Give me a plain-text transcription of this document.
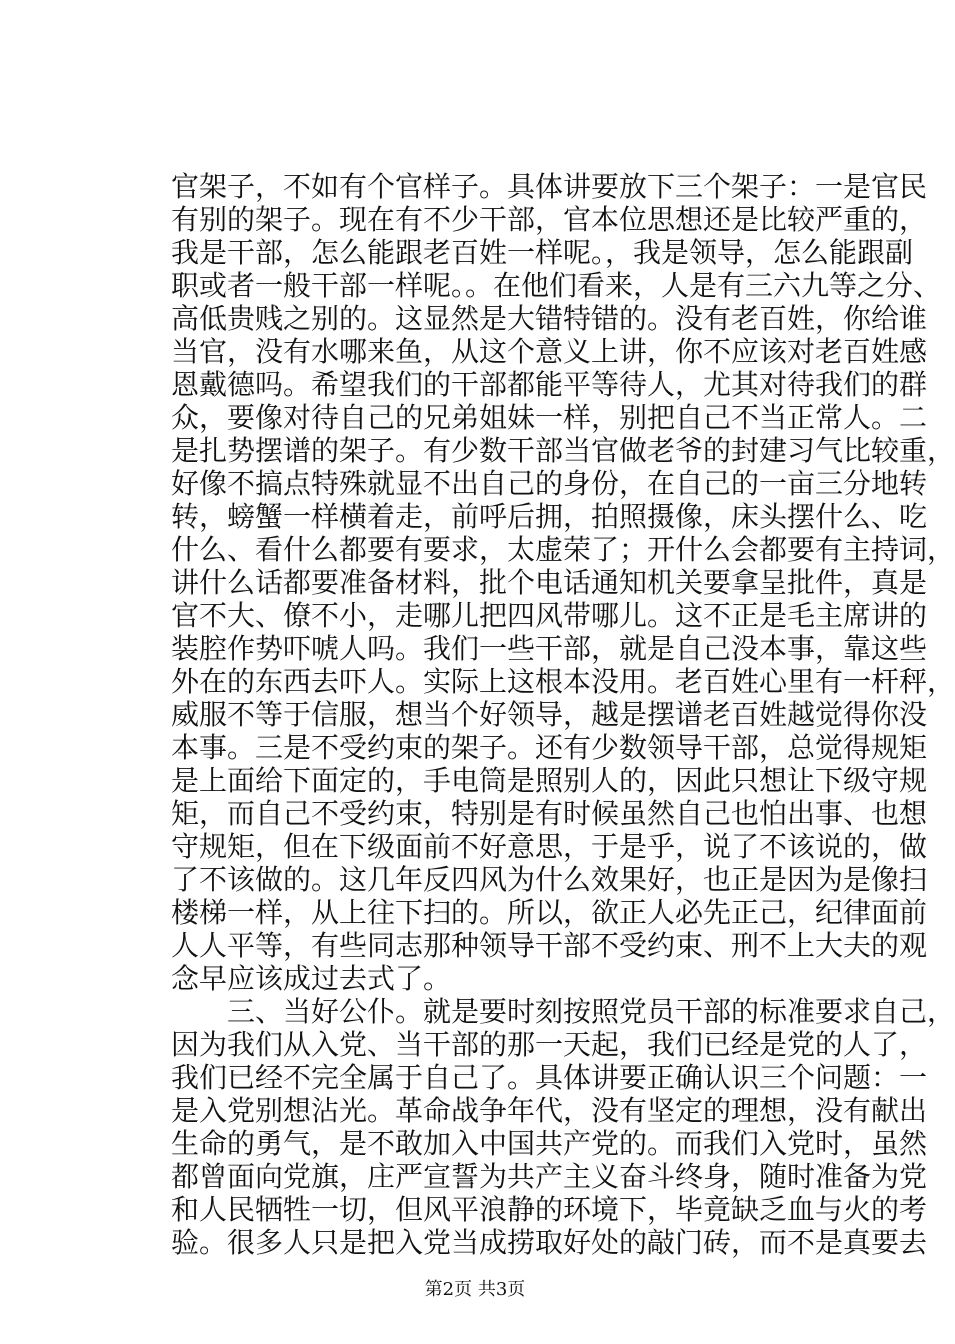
官架子，不如有个官样子。具体讲要放下三个架子：一是官民
有别的架子。现在有不少干部，官本位思想还是比较严重的，
我是干部，怎么能跟老百姓一样呢。，我是领导，怎么能跟副
职或者一般干部一样呢。。在他们看来，人是有三六九等之分、
高低贵贱之别的。这显然是大错特错的。没有老百姓，你给谁
当官，没有水哪来鱼，从这个意义上讲，你不应该对老百姓感
恩戴德吗。希望我们的干部都能平等待人，尤其对待我们的群
众，要像对待自己的兄弟姐妹一样，别把自己不当正常人。二
是扎势摆谱的架子。有少数干部当官做老爷的封建习气比较重，
好像不搞点特殊就显不出自己的身份，在自己的一亩三分地转
转，螃蟹一样横着走，前呼后拥，拍照摄像，床头摆什么、吃
什么、看什么都要有要求，太虚荣了；开什么会都要有主持词，
讲什么话都要准备材料，批个电话通知机关要拿呈批件，真是
官不大、僚不小，走哪儿把四风带哪儿。这不正是毛主席讲的
装腔作势吓唬人吗。我们一些干部，就是自己没本事，靠这些
外在的东西去吓人。实际上这根本没用。老百姓心里有一杆秤，
威服不等于信服，想当个好领导，越是摆谱老百姓越觉得你没
本事。三是不受约束的架子。还有少数领导干部，总觉得规矩
是上面给下面定的，手电筒是照别人的，因此只想让下级守规
矩，而自己不受约束，特别是有时候虽然自己也怕出事、也想
守规矩，但在下级面前不好意思，于是乎，说了不该说的，做
了不该做的。这几年反四风为什么效果好，也正是因为是像扫
楼梯一样，从上往下扫的。所以，欲正人必先正己，纪律面前
人人平等，有些同志那种领导干部不受约束、刑不上大夫的观
念早应该成过去式了。
　　三、当好公仆。就是要时刻按照党员干部的标准要求自己，
因为我们从入党、当干部的那一天起，我们已经是党的人了，
我们已经不完全属于自己了。具体讲要正确认识三个问题：一
是入党别想沾光。革命战争年代，没有坚定的理想，没有献出
生命的勇气，是不敢加入中国共产党的。而我们入党时，虽然
都曾面向党旗，庄严宣誓为共产主义奋斗终身，随时准备为党
和人民牺牲一切，但风平浪静的环境下，毕竟缺乏血与火的考
验。很多人只是把入党当成捞取好处的敲门砖，而不是真要去
第2页 共3页
